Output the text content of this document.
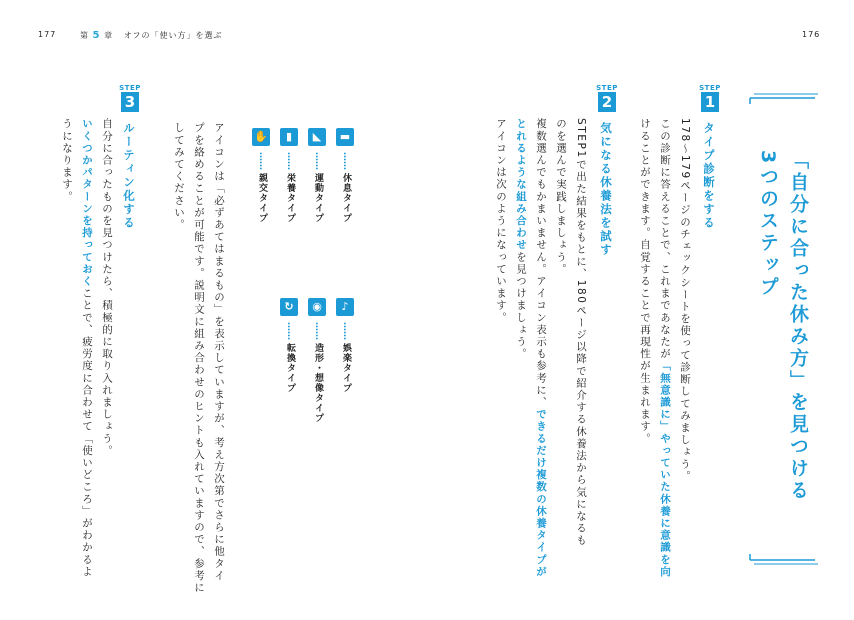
177	第 5 章 オフの「使い方」を選ぶ	176
「自分に合った休み方」を見つける
3つのステップ
STEP
1
タイプ診断をする
178〜179ページのチェックシートを使って診断してみましょう。
この診断に答えることで、これまであなたが「無意識に」やっていた休養に意識を向
けることができます。自覚することで再現性が生まれます。
STEP
2
気になる休養法を試す
STEP1で出た結果をもとに、180ページ以降で紹介する休養法から気になるも
のを選んで実践しましょう。
複数選んでもかまいません。アイコン表示も参考に、できるだけ複数の休養タイプが
とれるような組み合わせを見つけましょう。
アイコンは次のようになっています。
▬
…… 休息タイプ
◣
…… 運動タイプ
▮
…… 栄養タイプ
✋
…… 親交タイプ
♪
…… 娯楽タイプ
◉
…… 造形・想像タイプ
↻
…… 転換タイプ
アイコンは「必ずあてはまるもの」を表示していますが、考え方次第でさらに他タイ
プを絡めることが可能です。説明文に組み合わせのヒントも入れていますので、参考に
してみてください。
STEP
3
ルーティン化する
自分に合ったものを見つけたら、積極的に取り入れましょう。
いくつかパターンを持っておくことで、疲労度に合わせて「使いどころ」がわかるよ
うになります。
